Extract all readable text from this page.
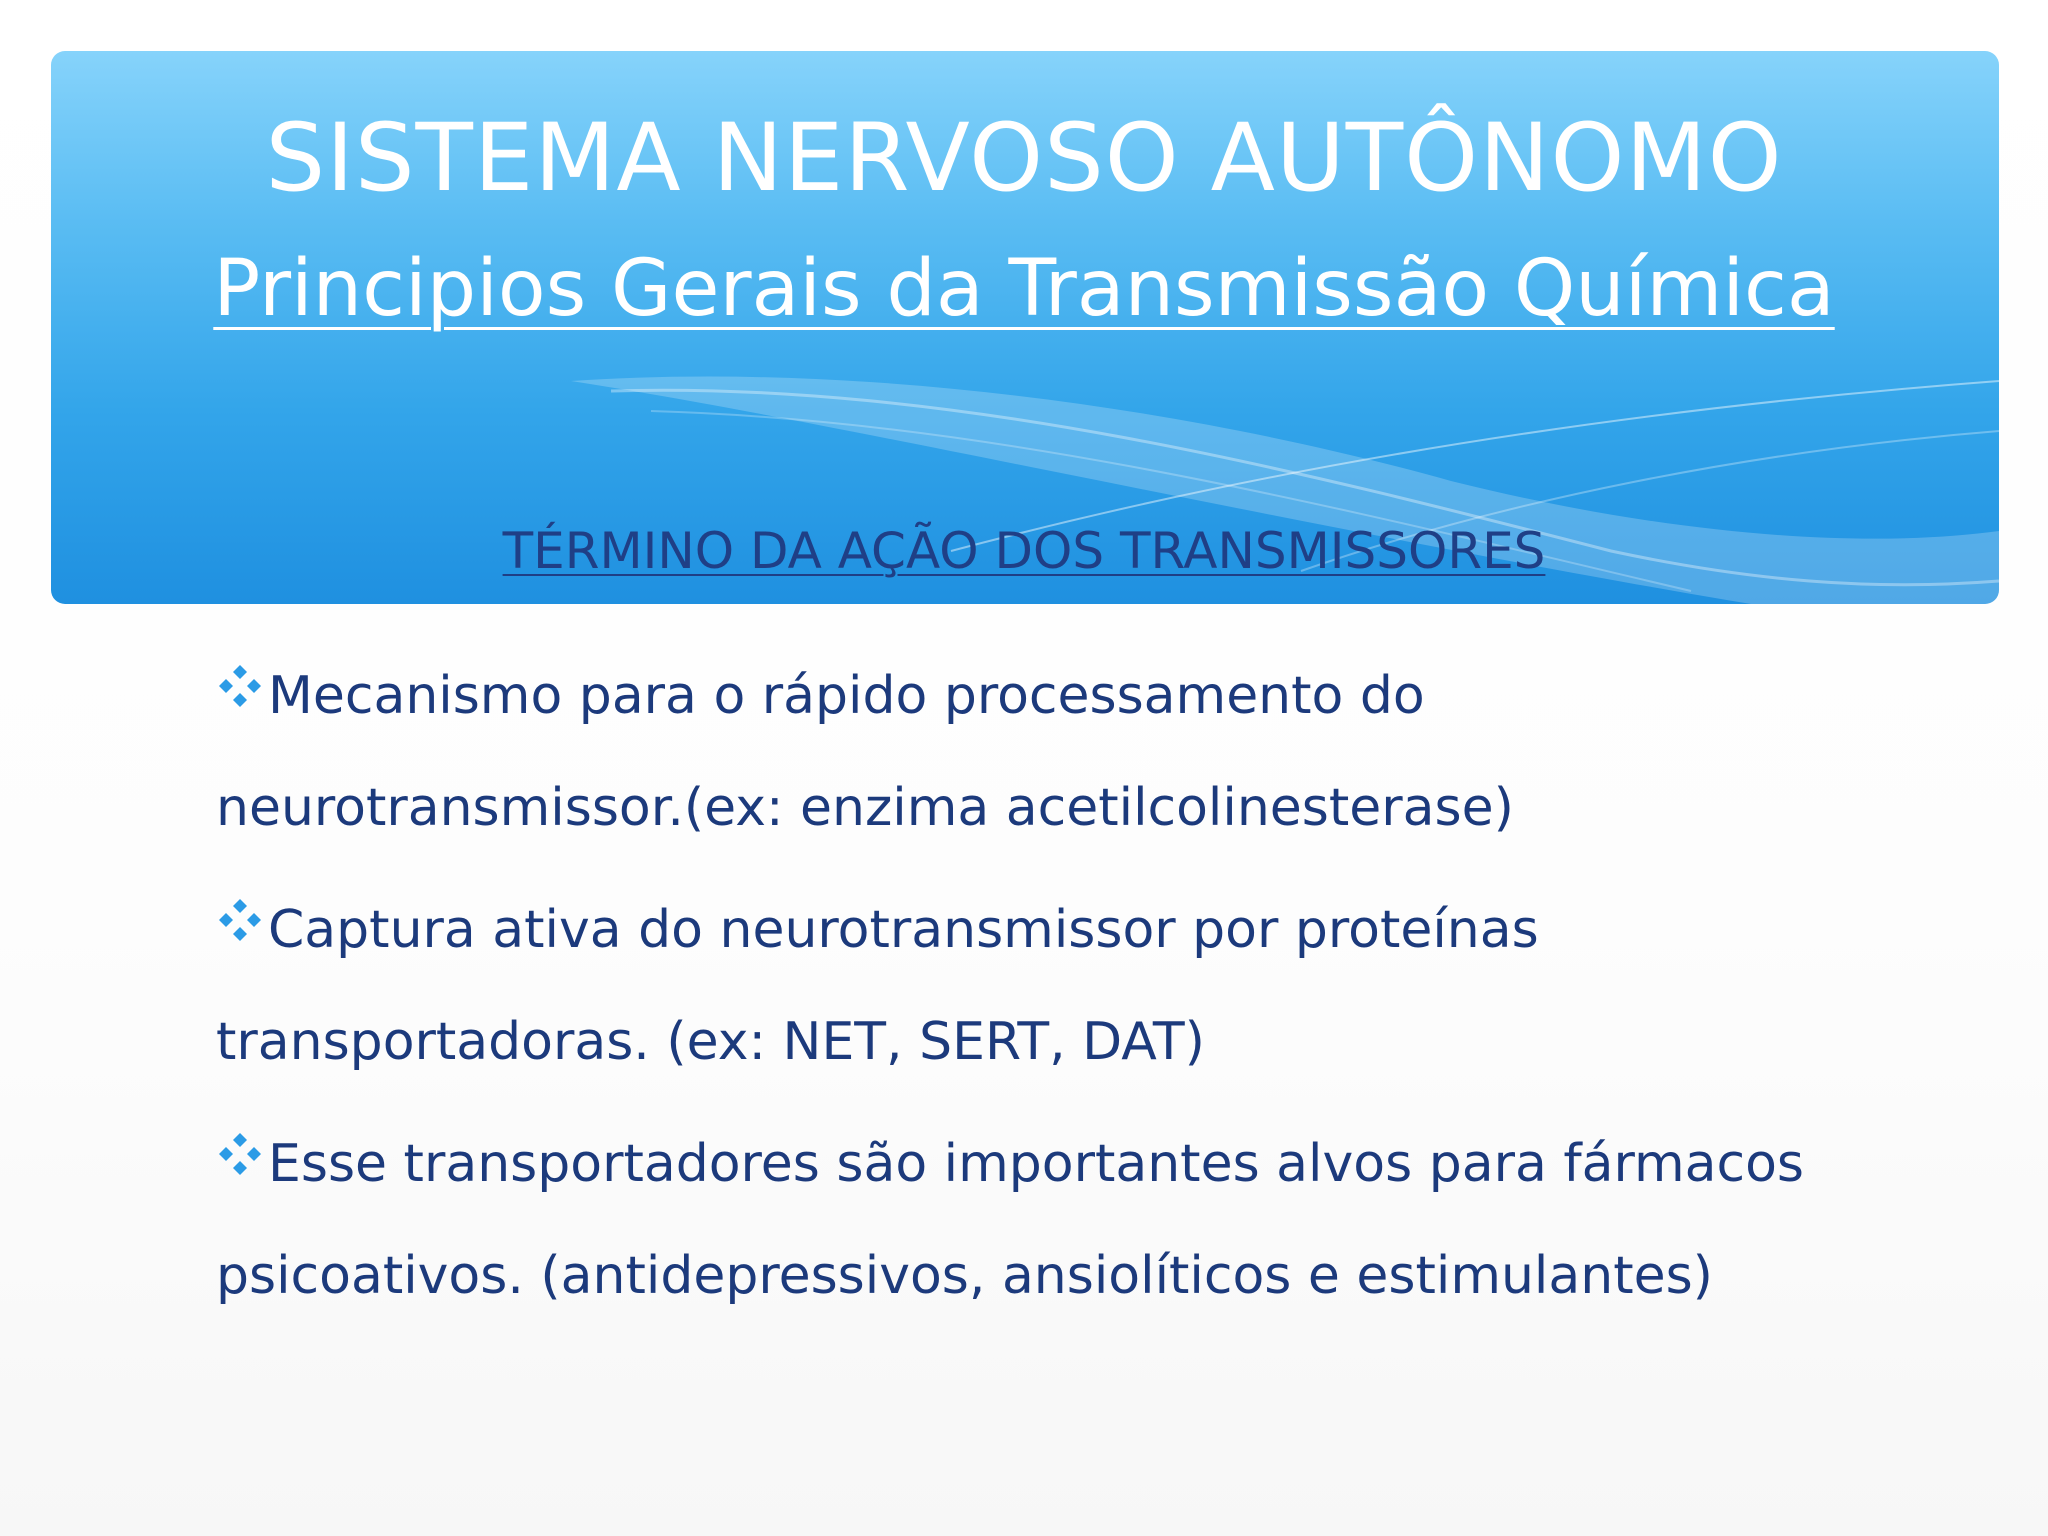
SISTEMA NERVOSO AUTÔNOMO
Principios Gerais da Transmissão Química
TÉRMINO DA AÇÃO DOS TRANSMISSORES
Mecanismo para o rápido processamento do neurotransmissor.(ex: enzima acetilcolinesterase)
Captura ativa do neurotransmissor por proteínas transportadoras. (ex: NET, SERT, DAT)
Esse transportadores são importantes alvos para fármacos psicoativos. (antidepressivos, ansiolíticos e estimulantes)
